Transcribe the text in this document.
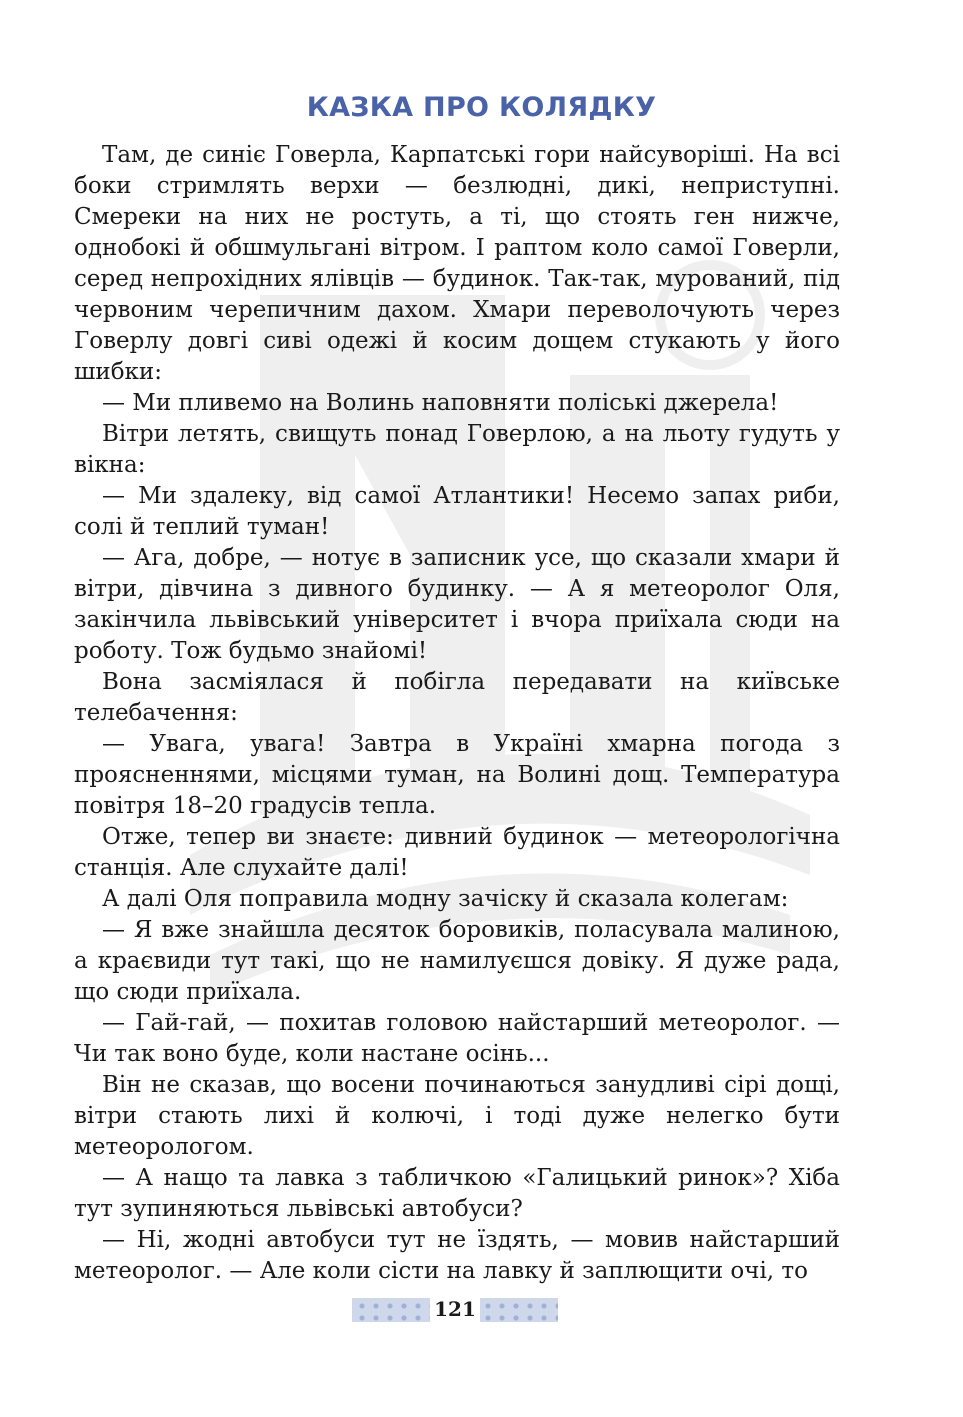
КАЗКА ПРО КОЛЯДКУ

Там, де синіє Говерла, Карпатські гори найсуворіші. На всі боки стримлять верхи — безлюдні, дикі, неприступні. Смереки на них не ростуть, а ті, що стоять ген нижче, однобокі й обшмульгані вітром. І раптом коло самої Говерли, серед непрохідних ялівців — будинок. Так-так, мурований, під червоним черепичним дахом. Хмари переволочують через Говерлу довгі сиві одежі й косим дощем стукають у його шибки:

— Ми пливемо на Волинь наповняти поліські джерела!

Вітри летять, свищуть понад Говерлою, а на льоту гудуть у вікна:

— Ми здалеку, від самої Атлантики! Несемо запах риби, солі й теплий туман!

— Ага, добре, — нотує в записник усе, що сказали хмари й вітри, дівчина з дивного будинку. — А я метеоролог Оля, закінчила львівський університет і вчора приїхала сюди на роботу. Тож будьмо знайомі!

Вона засміялася й побігла передавати на київське телебачення:

— Увага, увага! Завтра в Україні хмарна погода з проясненнями, місцями туман, на Волині дощ. Температура повітря 18–20 градусів тепла.

Отже, тепер ви знаєте: дивний будинок — метеорологічна станція. Але слухайте далі!

А далі Оля поправила модну зачіску й сказала колегам:

— Я вже знайшла десяток боровиків, поласувала малиною, а краєвиди тут такі, що не намилуєшся довіку. Я дуже рада, що сюди приїхала.

— Гай-гай, — похитав головою найстарший метеоролог. — Чи так воно буде, коли настане осінь...

Він не сказав, що восени починаються занудливі сірі дощі, вітри стають лихі й колючі, і тоді дуже нелегко бути метеорологом.

— А нащо та лавка з табличкою «Галицький ринок»? Хіба тут зупиняються львівські автобуси?

— Ні, жодні автобуси тут не їздять, — мовив найстарший метеоролог. — Але коли сісти на лавку й заплющити очі, то

121
